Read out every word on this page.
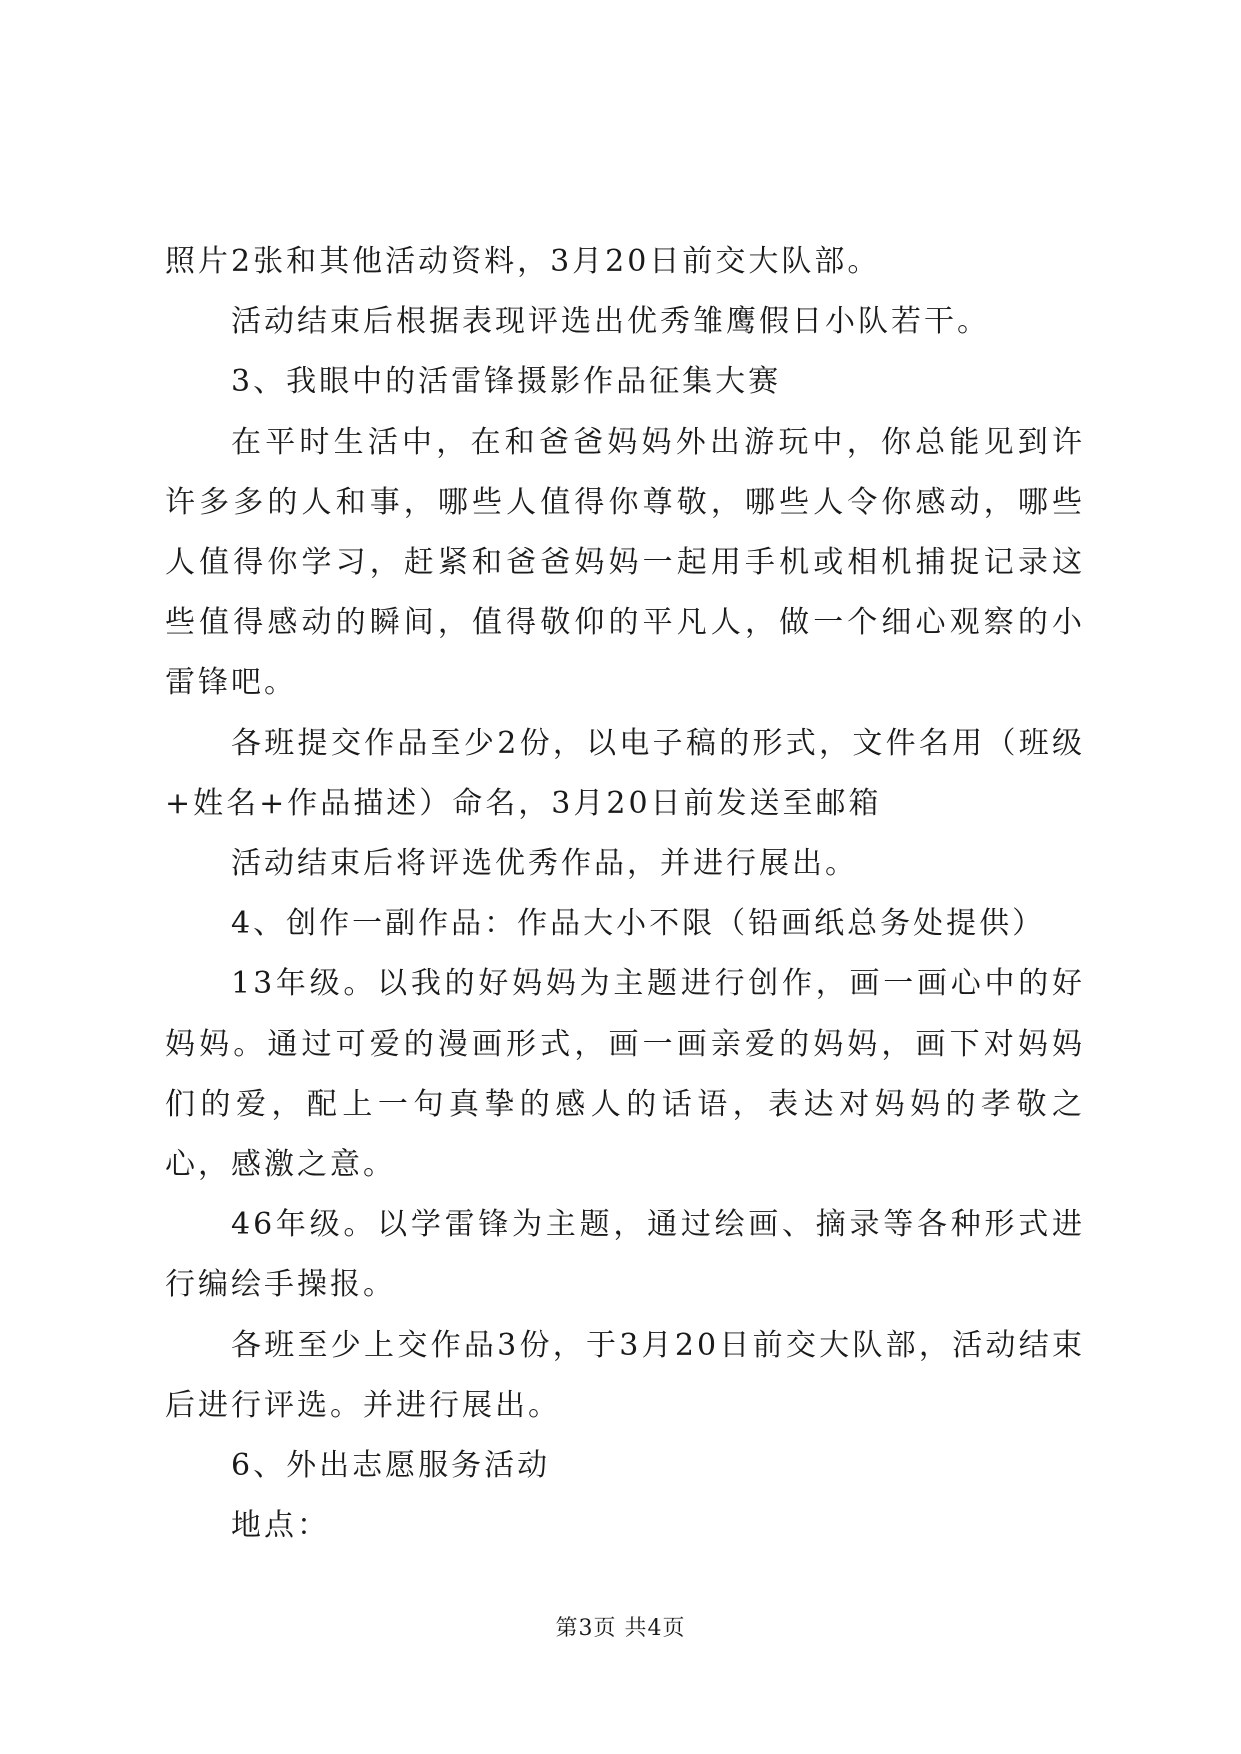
照片2张和其他活动资料，3月20日前交大队部。

活动结束后根据表现评选出优秀雏鹰假日小队若干。

3、我眼中的活雷锋摄影作品征集大赛

在平时生活中，在和爸爸妈妈外出游玩中，你总能见到许许多多的人和事，哪些人值得你尊敬，哪些人令你感动，哪些人值得你学习，赶紧和爸爸妈妈一起用手机或相机捕捉记录这些值得感动的瞬间，值得敬仰的平凡人，做一个细心观察的小雷锋吧。

各班提交作品至少2份，以电子稿的形式，文件名用（班级+姓名+作品描述）命名，3月20日前发送至邮箱

活动结束后将评选优秀作品，并进行展出。

4、创作一副作品：作品大小不限（铅画纸总务处提供）

13年级。以我的好妈妈为主题进行创作，画一画心中的好妈妈。通过可爱的漫画形式，画一画亲爱的妈妈，画下对妈妈们的爱，配上一句真挚的感人的话语，表达对妈妈的孝敬之心，感激之意。

46年级。以学雷锋为主题，通过绘画、摘录等各种形式进行编绘手操报。

各班至少上交作品3份，于3月20日前交大队部，活动结束后进行评选。并进行展出。

6、外出志愿服务活动

地点：

第3页 共4页
